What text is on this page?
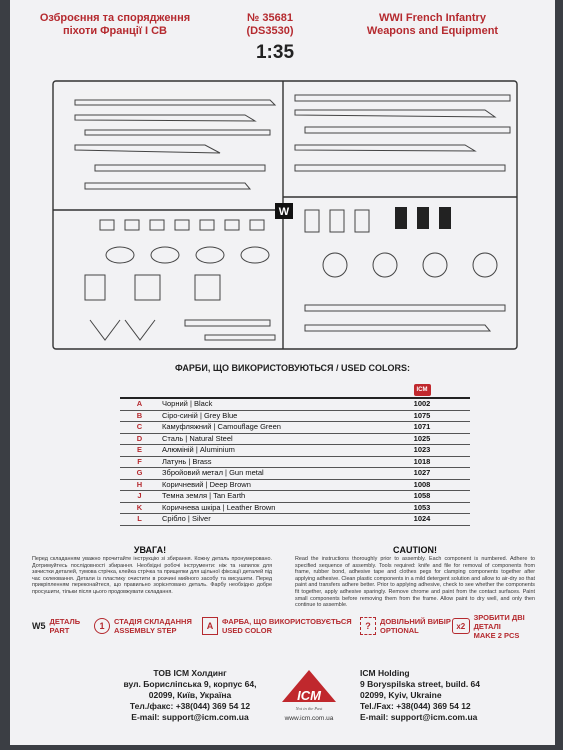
Озброєння та спорядження
піхоти Франції I СВ
№ 35681
(DS3530)
WWI French Infantry
Weapons and Equipment
1:35
W
ФАРБИ, ЩО ВИКОРИСТОВУЮТЬСЯ / USED COLORS:
		ICM
A	Чорний | Black	1002
B	Сіро-синій | Grey Blue	1075
C	Камуфляжний | Camouflage Green	1071
D	Сталь | Natural Steel	1025
E	Алюміній | Aluminium	1023
F	Латунь | Brass	1018
G	Збройовий метал | Gun metal	1027
H	Коричневий | Deep Brown	1008
J	Темна земля | Tan Earth	1058
K	Коричнева шкіра | Leather Brown	1053
L	Срібло | Silver	1024
УВАГА!
Перед складанням уважно прочитайте інструкцію зі збирання. Кожну деталь пронумеровано. Дотримуйтесь послідовності збирання. Необхідні робочі інструменти: ніж та напилок для зачистки деталей, тумова стрічка, клейка стрічка та прищепки для щільної фіксації деталей під час склеювання. Детали із пластику очистити в розчині мийного засобу та висушити. Перед прикріпленням переконайтеся, що правильно зорієнтовано деталь. Фарбу необхідно добре просушити, тільки після цього продовжувати складання.
CAUTION!
Read the instructions thoroughly prior to assembly. Each component is numbered. Adhere to specified sequence of assembly. Tools required: knife and file for removal of components from frame, rubber bond, adhesive tape and clothes pegs for clamping components together after applying adhesive. Clean plastic components in a mild detergent solution and allow to air-dry so that paint and transfers adhere better. Prior to applying adhesive, check to see whether the components fit together, apply adhesive sparingly. Remove chrome and paint from the contact surfaces. Paint small components before removing them from the frame. Allow paint to dry well, and only then continue to assemble.
W5 ДЕТАЛЬ
PART	1	СТАДІЯ СКЛАДАННЯ
ASSEMBLY STEP	A	ФАРБА, ЩО ВИКОРИСТОВУЄТЬСЯ
USED COLOR	?	ДОВІЛЬНИЙ ВИБІР
OPTIONAL	x2
ЗРОБИТИ ДВІ ДЕТАЛІ
MAKE 2 PCS
ТОВ ICM Холдинг
вул. Борисліпська 9, корпус 64,
02099, Київ, Україна
Тел./факс: +38(044) 369 54 12
E-mail: support@icm.com.ua
ICM
Not in the Past
www.icm.com.ua
ICM Holding
9 Boryspilska street, build. 64
02099, Kyiv, Ukraine
Tel./Fax: +38(044) 369 54 12
E-mail: support@icm.com.ua
